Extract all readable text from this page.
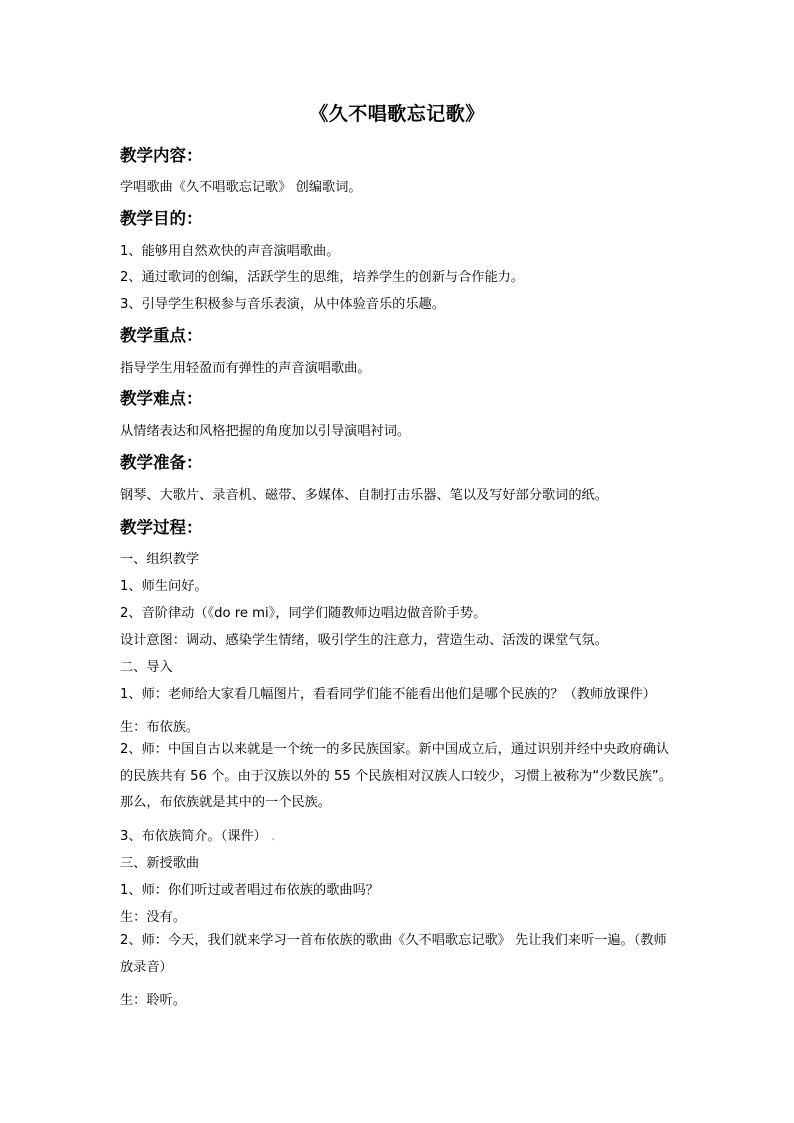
《久不唱歌忘记歌》
教学内容：
学唱歌曲《久不唱歌忘记歌》 创编歌词。
教学目的：
1、能够用自然欢快的声音演唱歌曲。
2、通过歌词的创编，活跃学生的思维，培养学生的创新与合作能力。
3、引导学生积极参与音乐表演，从中体验音乐的乐趣。
教学重点：
指导学生用轻盈而有弹性的声音演唱歌曲。
教学难点：
从情绪表达和风格把握的角度加以引导演唱衬词。
教学准备：
钢琴、大歌片、录音机、磁带、多媒体、自制打击乐器、笔以及写好部分歌词的纸。
教学过程：
一、组织教学
1、师生问好。
2、音阶律动（《do re mi》，同学们随教师边唱边做音阶手势。
设计意图：调动、感染学生情绪，吸引学生的注意力，营造生动、活泼的课堂气氛。
二、导入
1、师：老师给大家看几幅图片，看看同学们能不能看出他们是哪个民族的？（教师放课件）
生：布依族。
2、师：中国自古以来就是一个统一的多民族国家。新中国成立后，通过识别并经中央政府确认的民族共有 56 个。由于汉族以外的 55 个民族相对汉族人口较少，习惯上被称为“少数民族”。那么，布依族就是其中的一个民族。
3、布依族简介。（课件） .
三、新授歌曲
1、师：你们听过或者唱过布依族的歌曲吗？
生：没有。
2、师：今天，我们就来学习一首布依族的歌曲《久不唱歌忘记歌》 先让我们来听一遍。（教师放录音）
生：聆听。
